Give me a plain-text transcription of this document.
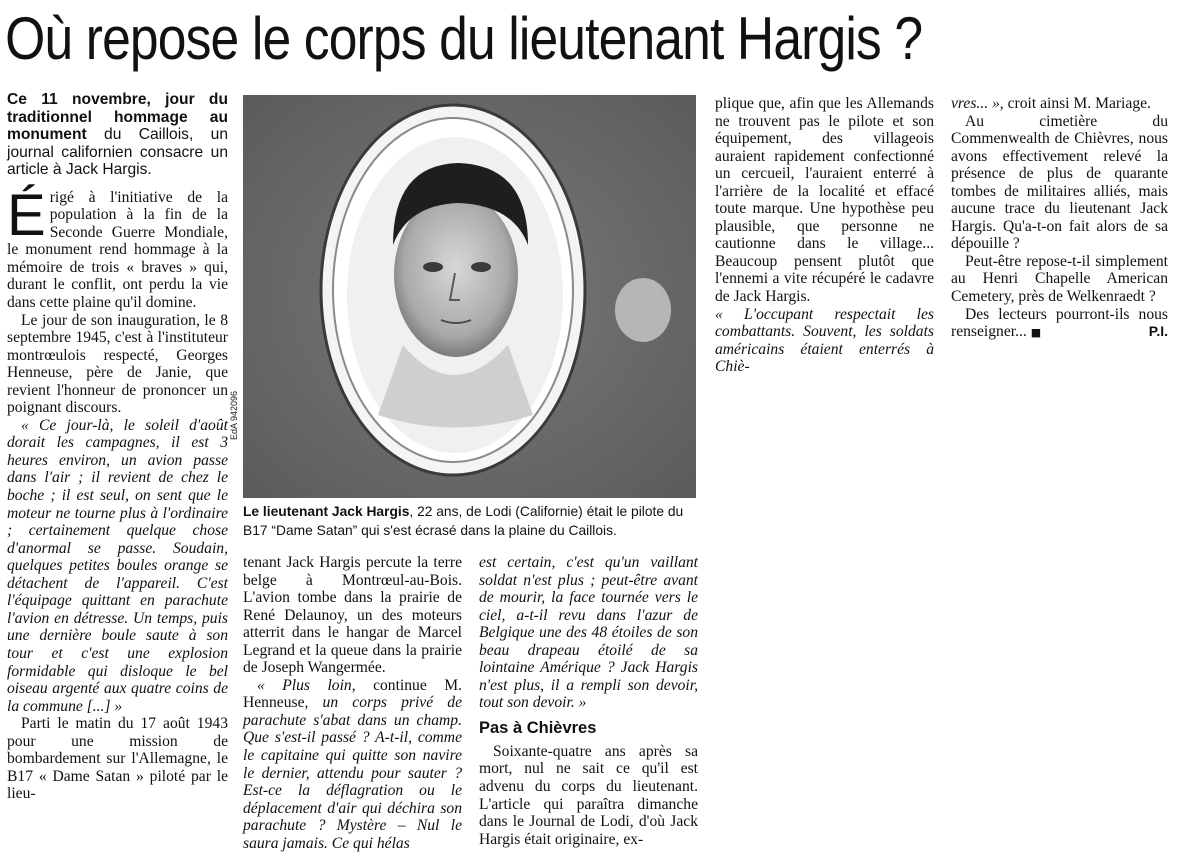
Où repose le corps du lieutenant Hargis ?

Ce 11 novembre, jour du traditionnel hommage au monument du Caillois, un journal californien consacre un article à Jack Hargis.

Érigé à l'initiative de la population à la fin de la Seconde Guerre Mondiale, le monument rend hommage à la mémoire de trois « braves » qui, durant le conflit, ont perdu la vie dans cette plaine qu'il domine.

Le jour de son inauguration, le 8 septembre 1945, c'est à l'instituteur montrœulois respecté, Georges Henneuse, père de Janie, que revient l'honneur de prononcer un poignant discours.

« Ce jour-là, le soleil d'août dorait les campagnes, il est 3 heures environ, un avion passe dans l'air ; il revient de chez le boche ; il est seul, on sent que le moteur ne tourne plus à l'ordinaire ; certainement quelque chose d'anormal se passe. Soudain, quelques petites boules orange se détachent de l'appareil. C'est l'équipage quittant en parachute l'avion en détresse. Un temps, puis une dernière boule saute à son tour et c'est une explosion formidable qui disloque le bel oiseau argenté aux quatre coins de la commune [...] »

Parti le matin du 17 août 1943 pour une mission de bombardement sur l'Allemagne, le B17 « Dame Satan » piloté par le lieu-

EdA 942096

Le lieutenant Jack Hargis, 22 ans, de Lodi (Californie) était le pilote du B17 “Dame Satan” qui s'est écrasé dans la plaine du Caillois.

tenant Jack Hargis percute la terre belge à Montrœul-au-Bois. L'avion tombe dans la prairie de René Delaunoy, un des moteurs atterrit dans le hangar de Marcel Legrand et la queue dans la prairie de Joseph Wangermée.

« Plus loin, continue M. Henneuse, un corps privé de parachute s'abat dans un champ. Que s'est-il passé ? A-t-il, comme le capitaine qui quitte son navire le dernier, attendu pour sauter ? Est-ce la déflagration ou le déplacement d'air qui déchira son parachute ? Mystère – Nul le saura jamais. Ce qui hélas

est certain, c'est qu'un vaillant soldat n'est plus ; peut-être avant de mourir, la face tournée vers le ciel, a-t-il revu dans l'azur de Belgique une des 48 étoiles de son beau drapeau étoilé de sa lointaine Amérique ? Jack Hargis n'est plus, il a rempli son devoir, tout son devoir. »

Pas à Chièvres

Soixante-quatre ans après sa mort, nul ne sait ce qu'il est advenu du corps du lieutenant. L'article qui paraîtra dimanche dans le Journal de Lodi, d'où Jack Hargis était originaire, ex-

plique que, afin que les Allemands ne trouvent pas le pilote et son équipement, des villageois auraient rapidement confectionné un cercueil, l'auraient enterré à l'arrière de la localité et effacé toute marque. Une hypothèse peu plausible, que personne ne cautionne dans le village... Beaucoup pensent plutôt que l'ennemi a vite récupéré le cadavre de Jack Hargis.

« L'occupant respectait les combattants. Souvent, les soldats américains étaient enterrés à Chiè-

vres... », croit ainsi M. Mariage.

Au cimetière du Commenwealth de Chièvres, nous avons effectivement relevé la présence de plus de quarante tombes de militaires alliés, mais aucune trace du lieutenant Jack Hargis. Qu'a-t-on fait alors de sa dépouille ?

Peut-être repose-t-il simplement au Henri Chapelle American Cemetery, près de Welkenraedt ?

Des lecteurs pourront-ils nous renseigner... ■	P.I.
